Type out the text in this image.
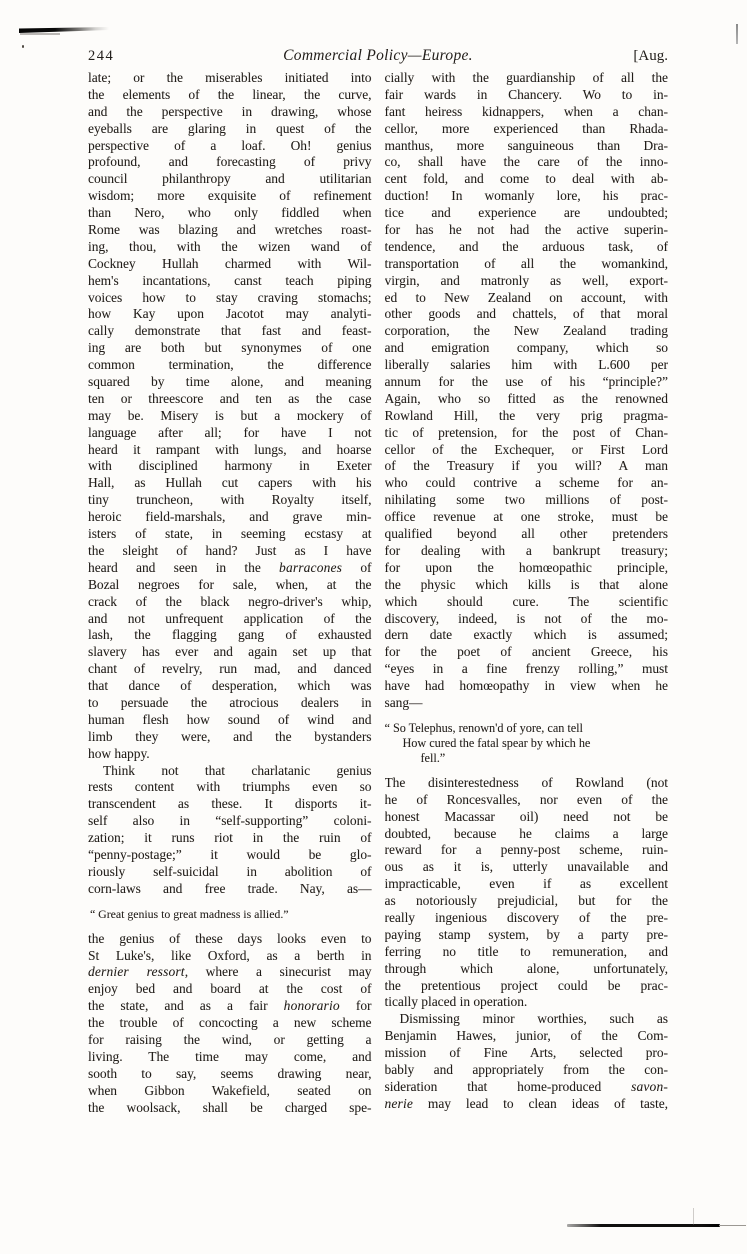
244	Commercial Policy—Europe.	[Aug.
late; or the miserables initiated into
the elements of the linear, the curve,
and the perspective in drawing, whose
eyeballs are glaring in quest of the
perspective of a loaf. Oh! genius
profound, and forecasting of privy
council philanthropy and utilitarian
wisdom; more exquisite of refinement
than Nero, who only fiddled when
Rome was blazing and wretches roast-
ing, thou, with the wizen wand of
Cockney Hullah charmed with Wil-
hem's incantations, canst teach piping
voices how to stay craving stomachs;
how Kay upon Jacotot may analyti-
cally demonstrate that fast and feast-
ing are both but synonymes of one
common termination, the difference
squared by time alone, and meaning
ten or threescore and ten as the case
may be. Misery is but a mockery of
language after all; for have I not
heard it rampant with lungs, and hoarse
with disciplined harmony in Exeter
Hall, as Hullah cut capers with his
tiny truncheon, with Royalty itself,
heroic field-marshals, and grave min-
isters of state, in seeming ecstasy at
the sleight of hand? Just as I have
heard and seen in the barracones of
Bozal negroes for sale, when, at the
crack of the black negro-driver's whip,
and not unfrequent application of the
lash, the flagging gang of exhausted
slavery has ever and again set up that
chant of revelry, run mad, and danced
that dance of desperation, which was
to persuade the atrocious dealers in
human flesh how sound of wind and
limb they were, and the bystanders
how happy.
Think not that charlatanic genius
rests content with triumphs even so
transcendent as these. It disports it-
self also in “self-supporting” coloni-
zation; it runs riot in the ruin of
“penny-postage;” it would be glo-
riously self-suicidal in abolition of
corn-laws and free trade. Nay, as—
“ Great genius to great madness is allied.”
the genius of these days looks even to
St Luke's, like Oxford, as a berth in
dernier ressort, where a sinecurist may
enjoy bed and board at the cost of
the state, and as a fair honorario for
the trouble of concocting a new scheme
for raising the wind, or getting a
living. The time may come, and
sooth to say, seems drawing near,
when Gibbon Wakefield, seated on
the woolsack, shall be charged spe-
cially with the guardianship of all the
fair wards in Chancery. Wo to in-
fant heiress kidnappers, when a chan-
cellor, more experienced than Rhada-
manthus, more sanguineous than Dra-
co, shall have the care of the inno-
cent fold, and come to deal with ab-
duction! In womanly lore, his prac-
tice and experience are undoubted;
for has he not had the active superin-
tendence, and the arduous task, of
transportation of all the womankind,
virgin, and matronly as well, export-
ed to New Zealand on account, with
other goods and chattels, of that moral
corporation, the New Zealand trading
and emigration company, which so
liberally salaries him with L.600 per
annum for the use of his “principle?”
Again, who so fitted as the renowned
Rowland Hill, the very prig pragma-
tic of pretension, for the post of Chan-
cellor of the Exchequer, or First Lord
of the Treasury if you will? A man
who could contrive a scheme for an-
nihilating some two millions of post-
office revenue at one stroke, must be
qualified beyond all other pretenders
for dealing with a bankrupt treasury;
for upon the homœopathic principle,
the physic which kills is that alone
which should cure. The scientific
discovery, indeed, is not of the mo-
dern date exactly which is assumed;
for the poet of ancient Greece, his
“eyes in a fine frenzy rolling,” must
have had homœopathy in view when he
sang—
“ So Telephus, renown'd of yore, can tell
How cured the fatal spear by which he
fell.”
The disinterestedness of Rowland (not
he of Roncesvalles, nor even of the
honest Macassar oil) need not be
doubted, because he claims a large
reward for a penny-post scheme, ruin-
ous as it is, utterly unavailable and
impracticable, even if as excellent
as notoriously prejudicial, but for the
really ingenious discovery of the pre-
paying stamp system, by a party pre-
ferring no title to remuneration, and
through which alone, unfortunately,
the pretentious project could be prac-
tically placed in operation.
Dismissing minor worthies, such as
Benjamin Hawes, junior, of the Com-
mission of Fine Arts, selected pro-
bably and appropriately from the con-
sideration that home-produced savon-
nerie may lead to clean ideas of taste,
